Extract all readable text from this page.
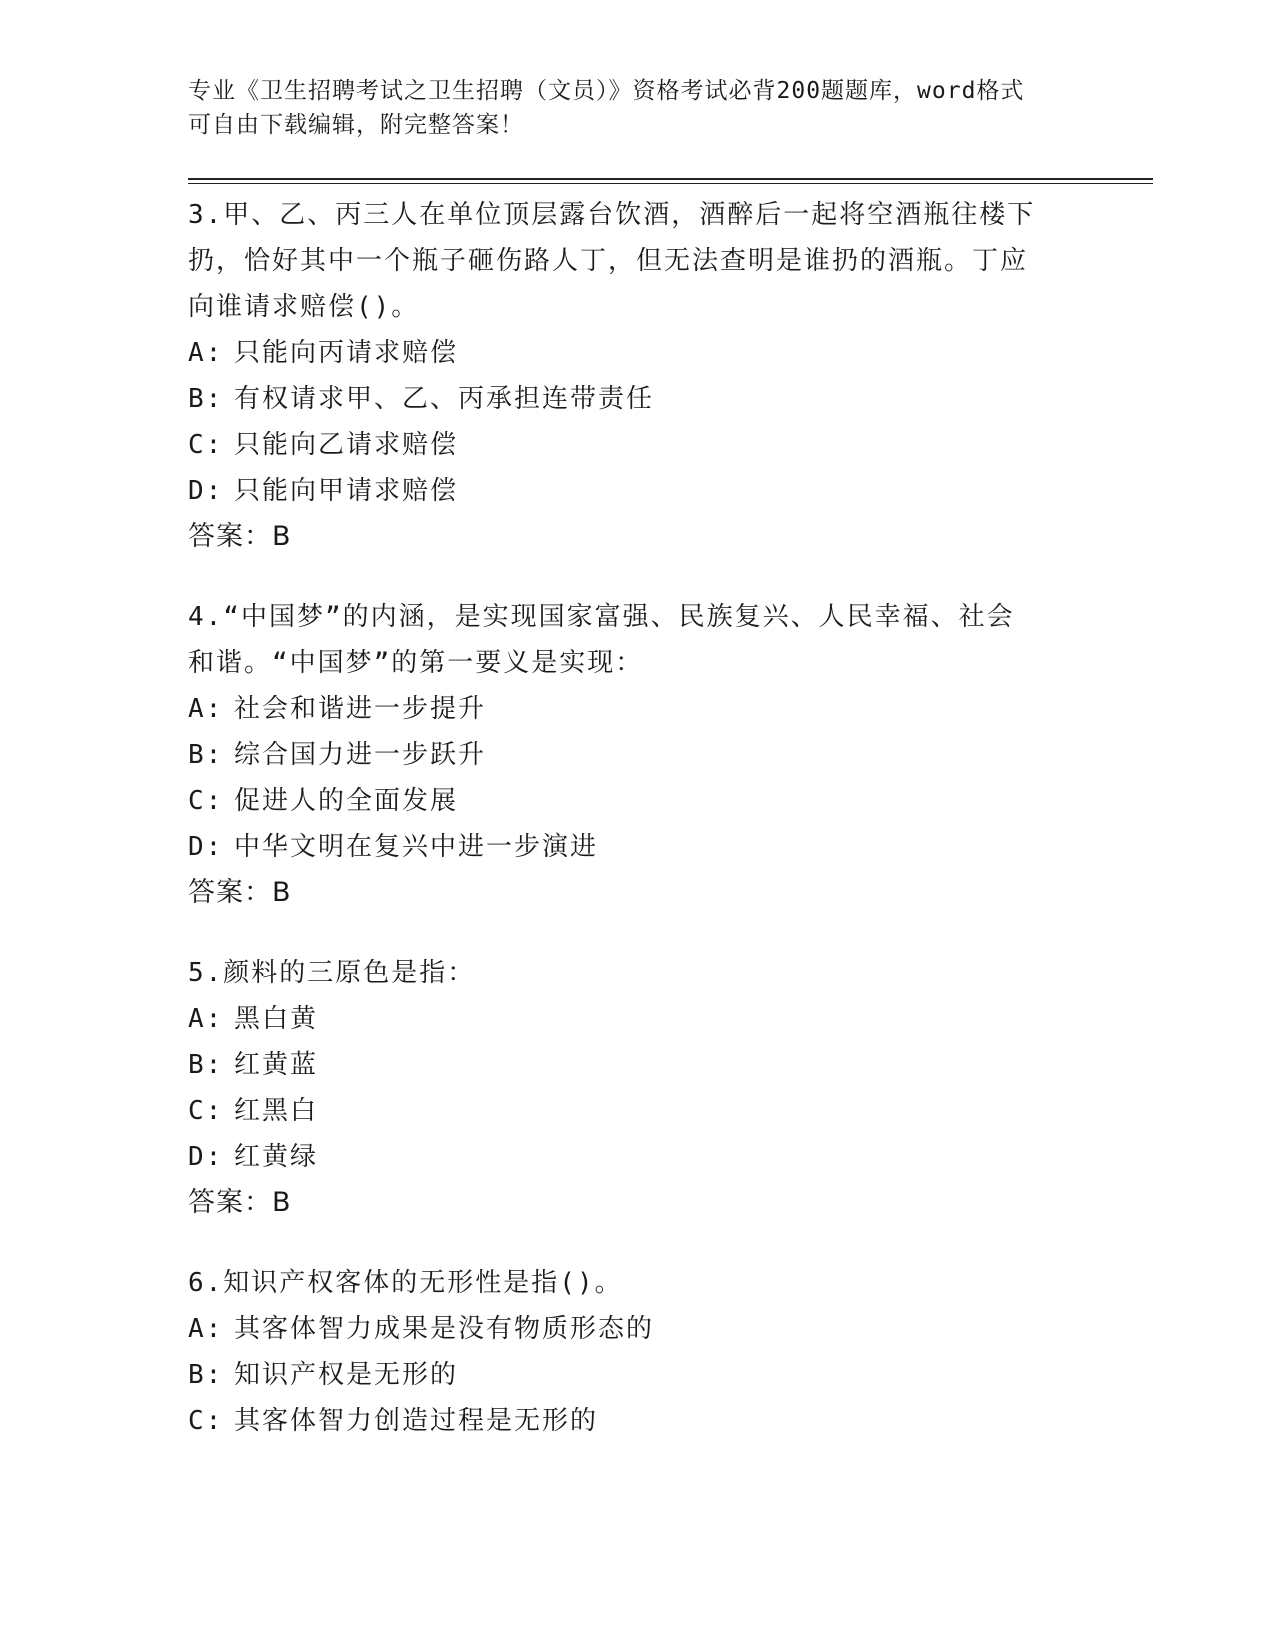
专业《卫生招聘考试之卫生招聘（文员）》资格考试必背200题题库，word格式
可自由下载编辑，附完整答案！
3.甲、乙、丙三人在单位顶层露台饮酒，酒醉后一起将空酒瓶往楼下
扔，恰好其中一个瓶子砸伤路人丁，但无法查明是谁扔的酒瓶。丁应
向谁请求赔偿()。
A: 只能向丙请求赔偿
B: 有权请求甲、乙、丙承担连带责任
C: 只能向乙请求赔偿
D: 只能向甲请求赔偿
答案：B
4.“中国梦”的内涵，是实现国家富强、民族复兴、人民幸福、社会
和谐。“中国梦”的第一要义是实现：
A: 社会和谐进一步提升
B: 综合国力进一步跃升
C: 促进人的全面发展
D: 中华文明在复兴中进一步演进
答案：B
5.颜料的三原色是指：
A: 黑白黄
B: 红黄蓝
C: 红黑白
D: 红黄绿
答案：B
6.知识产权客体的无形性是指()。
A: 其客体智力成果是没有物质形态的
B: 知识产权是无形的
C: 其客体智力创造过程是无形的
